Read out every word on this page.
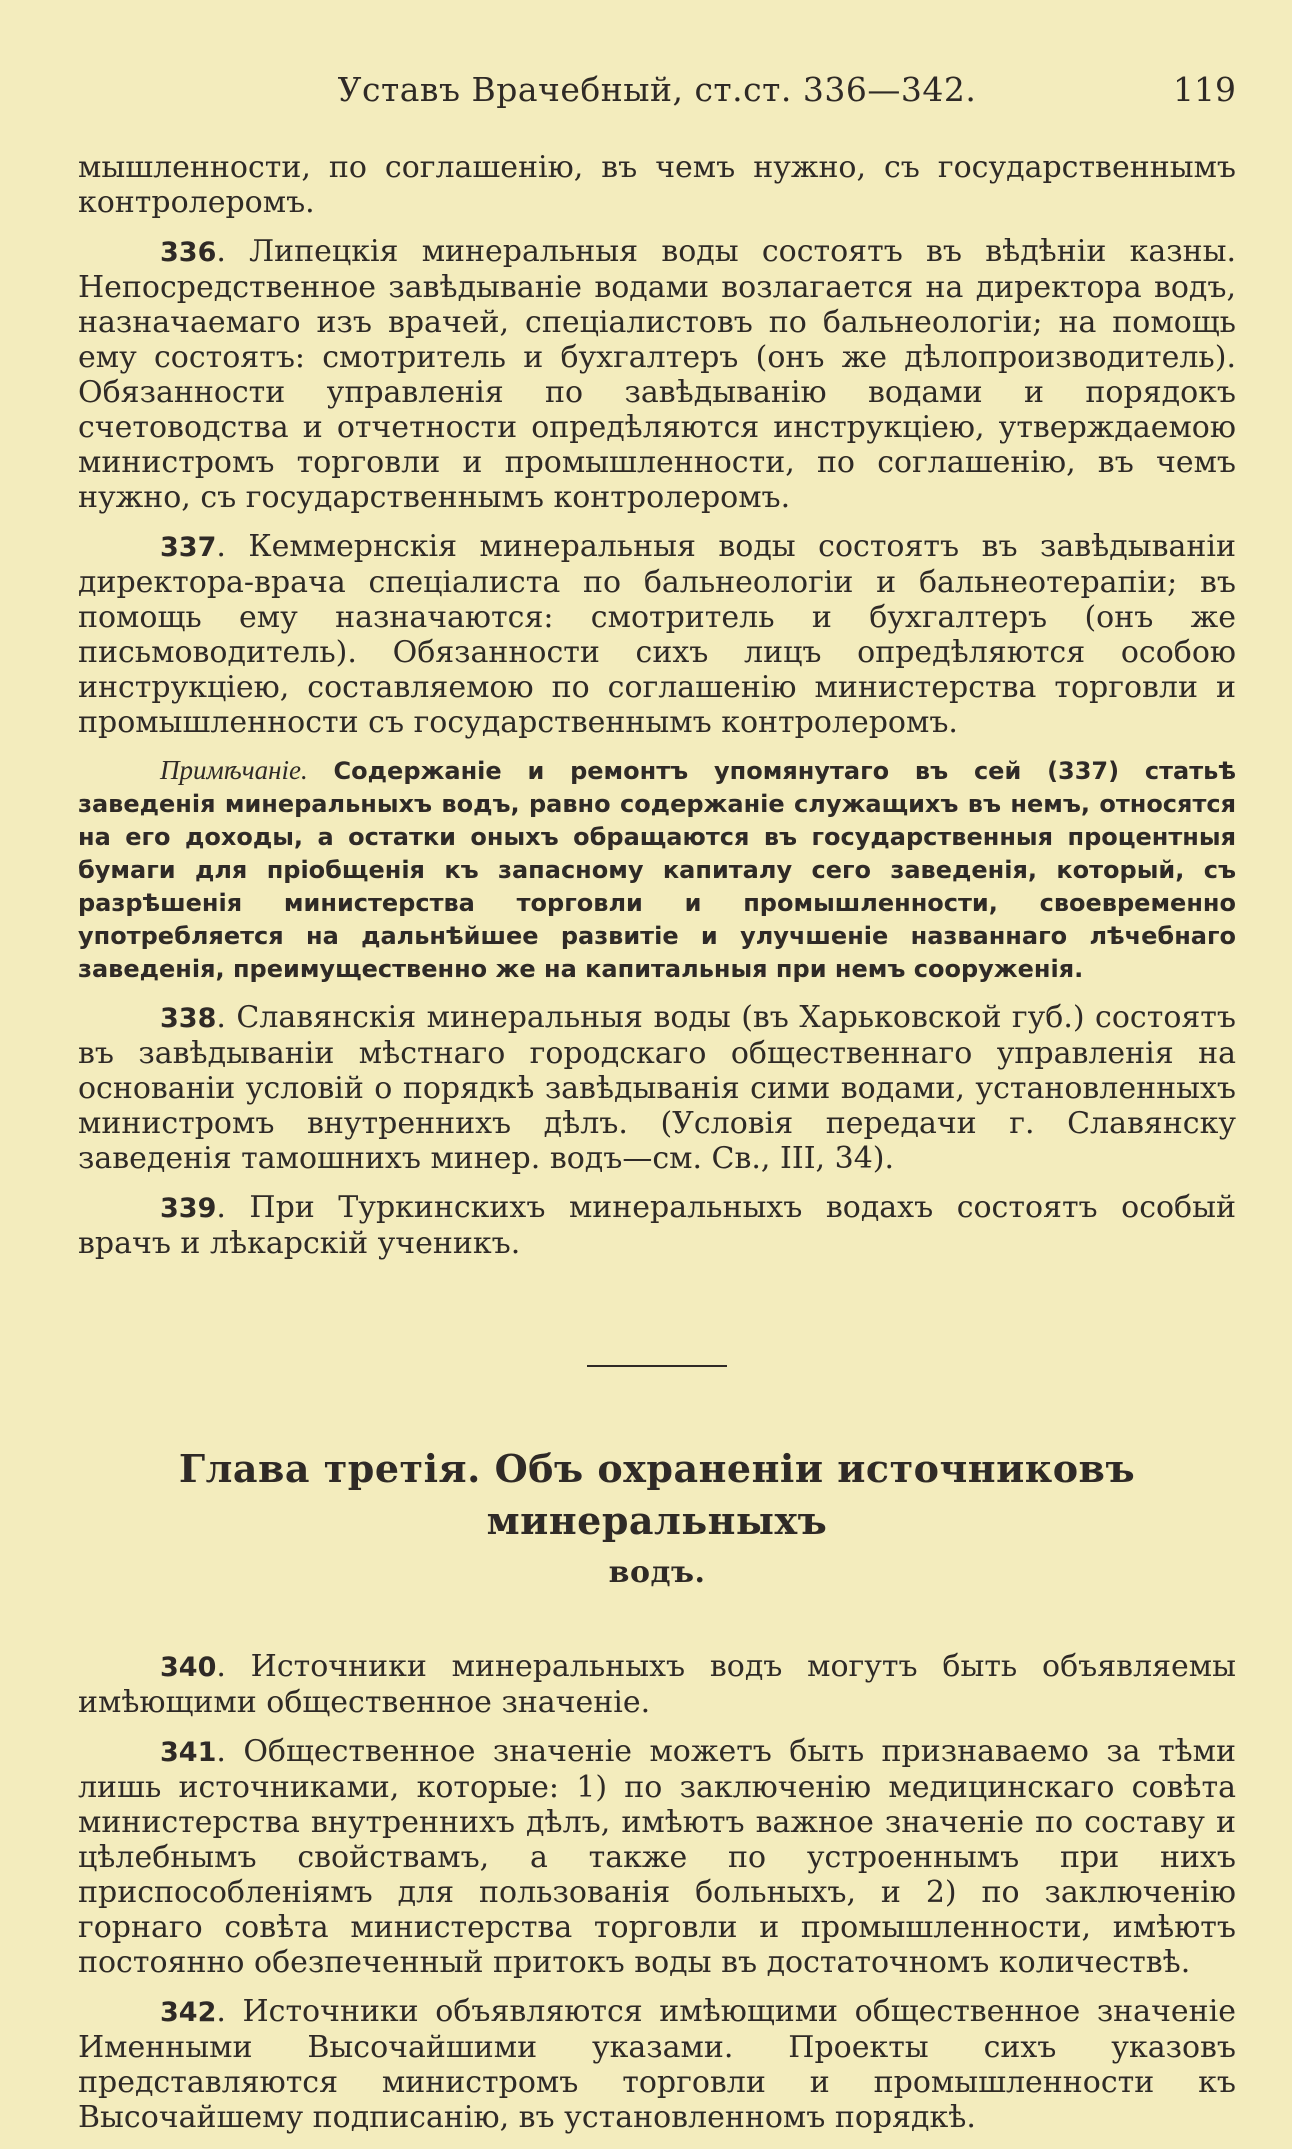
Уставъ Врачебный, ст.ст. 336—342.	119

мышленности, по соглашенію, въ чемъ нужно, съ государственнымъ контролеромъ.

336. Липецкія минеральныя воды состоятъ въ вѣдѣніи казны. Непосредственное завѣдываніе водами возлагается на директора водъ, назначаемаго изъ врачей, спеціалистовъ по бальнеологіи; на помощь ему состоятъ: смотритель и бухгалтеръ (онъ же дѣлопроизводитель). Обязанности управленія по завѣдыванію водами и порядокъ счетоводства и отчетности опредѣляются инструкціею, утверждаемою министромъ торговли и промышленности, по соглашенію, въ чемъ нужно, съ государственнымъ контролеромъ.

337. Кеммернскія минеральныя воды состоятъ въ завѣдываніи директора-врача спеціалиста по бальнеологіи и бальнеотерапіи; въ помощь ему назначаются: смотритель и бухгалтеръ (онъ же письмоводитель). Обязанности сихъ лицъ опредѣляются особою инструкціею, составляемою по соглашенію министерства торговли и промышленности съ государственнымъ контролеромъ.

Примѣчаніе. Содержаніе и ремонтъ упомянутаго въ сей (337) статьѣ заведенія минеральныхъ водъ, равно содержаніе служащихъ въ немъ, относятся на его доходы, а остатки оныхъ обращаются въ государственныя процентныя бумаги для пріобщенія къ запасному капиталу сего заведенія, который, съ разрѣшенія министерства торговли и промышленности, своевременно употребляется на дальнѣйшее развитіе и улучшеніе названнаго лѣчебнаго заведенія, преимущественно же на капитальныя при немъ сооруженія.

338. Славянскія минеральныя воды (въ Харьковской губ.) состоятъ въ завѣдываніи мѣстнаго городскаго общественнаго управленія на основаніи условій о порядкѣ завѣдыванія сими водами, установленныхъ министромъ внутреннихъ дѣлъ. (Условія передачи г. Славянску заведенія тамошнихъ минер. водъ—см. Св., III, 34).

339. При Туркинскихъ минеральныхъ водахъ состоятъ особый врачъ и лѣкарскій ученикъ.

Глава третія. Объ охраненіи источниковъ минеральныхъ
водъ.

340. Источники минеральныхъ водъ могутъ быть объявляемы имѣющими общественное значеніе.

341. Общественное значеніе можетъ быть признаваемо за тѣми лишь источниками, которые: 1) по заключенію медицинскаго совѣта министерства внутреннихъ дѣлъ, имѣютъ важное значеніе по составу и цѣлебнымъ свойствамъ, а также по устроеннымъ при нихъ приспособленіямъ для пользованія больныхъ, и 2) по заключенію горнаго совѣта министерства торговли и промышленности, имѣютъ постоянно обезпеченный притокъ воды въ достаточномъ количествѣ.

342. Источники объявляются имѣющими общественное значеніе Именными Высочайшими указами. Проекты сихъ указовъ представляются министромъ торговли и промышленности къ Высочайшему подписанію, въ установленномъ порядкѣ.
